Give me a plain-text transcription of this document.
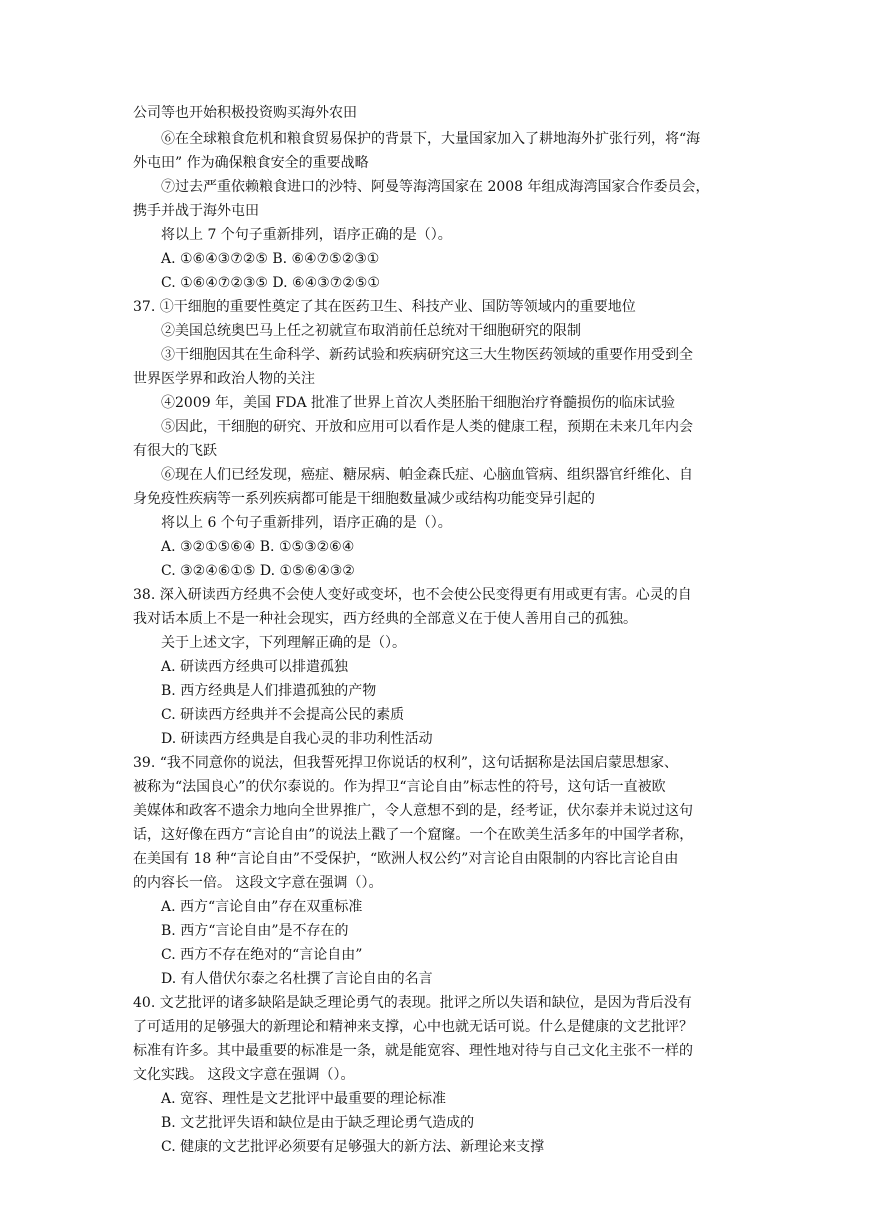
公司等也开始积极投资购买海外农田
⑥在全球粮食危机和粮食贸易保护的背景下，大量国家加入了耕地海外扩张行列，将“海
外屯田” 作为确保粮食安全的重要战略
⑦过去严重依赖粮食进口的沙特、阿曼等海湾国家在 2008 年组成海湾国家合作委员会，
携手并战于海外屯田
将以上 7 个句子重新排列，语序正确的是（）。
A. ①⑥④③⑦②⑤ B. ⑥④⑦⑤②③①
C. ①⑥④⑦②③⑤ D. ⑥④③⑦②⑤①
37. ①干细胞的重要性奠定了其在医药卫生、科技产业、国防等领域内的重要地位
②美国总统奥巴马上任之初就宣布取消前任总统对干细胞研究的限制
③干细胞因其在生命科学、新药试验和疾病研究这三大生物医药领域的重要作用受到全
世界医学界和政治人物的关注
④2009 年，美国 FDA 批准了世界上首次人类胚胎干细胞治疗脊髓损伤的临床试验
⑤因此，干细胞的研究、开放和应用可以看作是人类的健康工程，预期在未来几年内会
有很大的飞跃
⑥现在人们已经发现，癌症、糖尿病、帕金森氏症、心脑血管病、组织器官纤维化、自
身免疫性疾病等一系列疾病都可能是干细胞数量减少或结构功能变异引起的
将以上 6 个句子重新排列，语序正确的是（）。
A. ③②①⑤⑥④ B. ①⑤③②⑥④
C. ③②④⑥①⑤ D. ①⑤⑥④③②
38. 深入研读西方经典不会使人变好或变坏，也不会使公民变得更有用或更有害。心灵的自
我对话本质上不是一种社会现实，西方经典的全部意义在于使人善用自己的孤独。
关于上述文字，下列理解正确的是（）。
A. 研读西方经典可以排遣孤独
B. 西方经典是人们排遣孤独的产物
C. 研读西方经典并不会提高公民的素质
D. 研读西方经典是自我心灵的非功利性活动
39. “我不同意你的说法，但我誓死捍卫你说话的权利”，这句话据称是法国启蒙思想家、
被称为“法国良心”的伏尔泰说的。作为捍卫“言论自由”标志性的符号，这句话一直被欧
美媒体和政客不遗余力地向全世界推广，令人意想不到的是，经考证，伏尔泰并未说过这句
话，这好像在西方“言论自由”的说法上戳了一个窟窿。一个在欧美生活多年的中国学者称，
在美国有 18 种“言论自由”不受保护，“欧洲人权公约”对言论自由限制的内容比言论自由
的内容长一倍。 这段文字意在强调（）。
A. 西方“言论自由”存在双重标准
B. 西方“言论自由”是不存在的
C. 西方不存在绝对的“言论自由”
D. 有人借伏尔泰之名杜撰了言论自由的名言
40. 文艺批评的诸多缺陷是缺乏理论勇气的表现。批评之所以失语和缺位，是因为背后没有
了可适用的足够强大的新理论和精神来支撑，心中也就无话可说。什么是健康的文艺批评？
标准有许多。其中最重要的标准是一条，就是能宽容、理性地对待与自己文化主张不一样的
文化实践。 这段文字意在强调（）。
A. 宽容、理性是文艺批评中最重要的理论标准
B. 文艺批评失语和缺位是由于缺乏理论勇气造成的
C. 健康的文艺批评必须要有足够强大的新方法、新理论来支撑
